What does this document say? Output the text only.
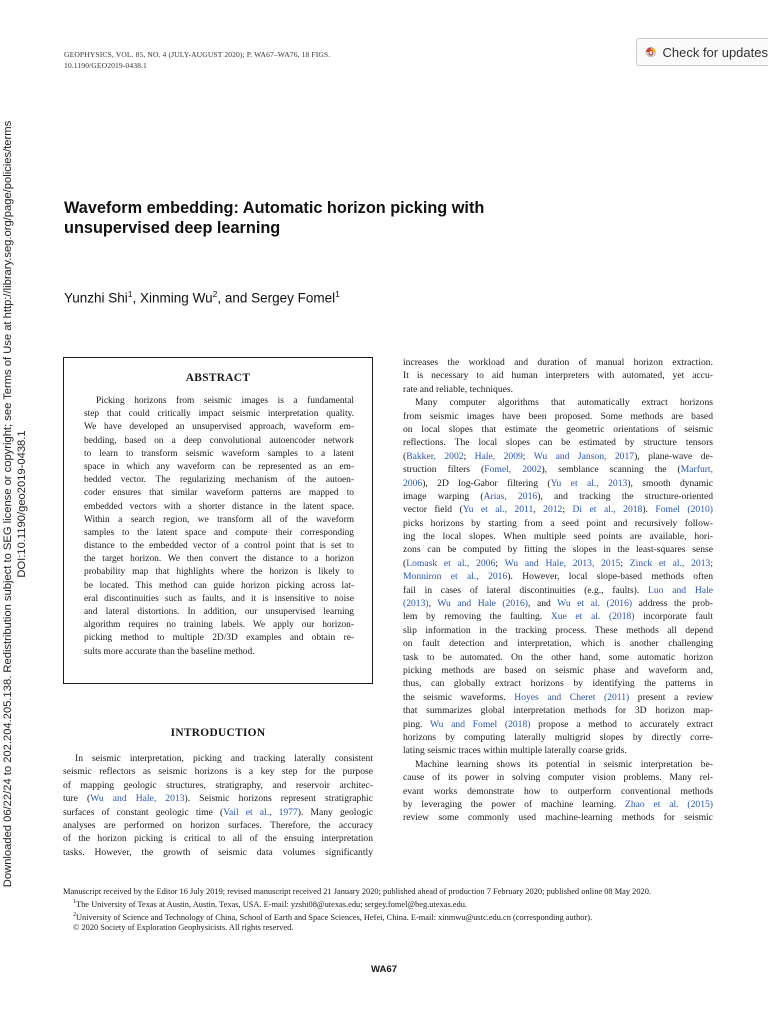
Downloaded 06/22/24 to 202.204.205.138. Redistribution subject to SEG license or copyright; see Terms of Use at http://library.seg.org/page/policies/terms DOI:10.1190/geo2019-0438.1
GEOPHYSICS, VOL. 85, NO. 4 (JULY-AUGUST 2020); P. WA67–WA76, 18 FIGS.
10.1190/GEO2019-0438.1
Check for updates
Waveform embedding: Automatic horizon picking with
unsupervised deep learning
Yunzhi Shi$^1$, Xinming Wu$^2$, and Sergey Fomel$^1$
ABSTRACT
Picking horizons from seismic images is a fundamental
step that could critically impact seismic interpretation quality.
We have developed an unsupervised approach, waveform em-
bedding, based on a deep convolutional autoencoder network
to learn to transform seismic waveform samples to a latent
space in which any waveform can be represented as an em-
bedded vector. The regularizing mechanism of the autoen-
coder ensures that similar waveform patterns are mapped to
embedded vectors with a shorter distance in the latent space.
Within a search region, we transform all of the waveform
samples to the latent space and compute their corresponding
distance to the embedded vector of a control point that is set to
the target horizon. We then convert the distance to a horizon
probability map that highlights where the horizon is likely to
be located. This method can guide horizon picking across lat-
eral discontinuities such as faults, and it is insensitive to noise
and lateral distortions. In addition, our unsupervised learning
algorithm requires no training labels. We apply our horizon-
picking method to multiple 2D/3D examples and obtain re-
sults more accurate than the baseline method.
INTRODUCTION
In seismic interpretation, picking and tracking laterally consistent
seismic reflectors as seismic horizons is a key step for the purpose
of mapping geologic structures, stratigraphy, and reservoir architec-
ture (Wu and Hale, 2013). Seismic horizons represent stratigraphic
surfaces of constant geologic time (Vail et al., 1977). Many geologic
analyses are performed on horizon surfaces. Therefore, the accuracy
of the horizon picking is critical to all of the ensuing interpretation
tasks. However, the growth of seismic data volumes significantly
increases the workload and duration of manual horizon extraction.
It is necessary to aid human interpreters with automated, yet accu-
rate and reliable, techniques.
Many computer algorithms that automatically extract horizons
from seismic images have been proposed. Some methods are based
on local slopes that estimate the geometric orientations of seismic
reflections. The local slopes can be estimated by structure tensors
(Bakker, 2002; Hale, 2009; Wu and Janson, 2017), plane-wave de-
struction filters (Fomel, 2002), semblance scanning the (Marfurt,
2006), 2D log-Gabor filtering (Yu et al., 2013), smooth dynamic
image warping (Arias, 2016), and tracking the structure-oriented
vector field (Yu et al., 2011, 2012; Di et al., 2018). Fomel (2010)
picks horizons by starting from a seed point and recursively follow-
ing the local slopes. When multiple seed points are available, hori-
zons can be computed by fitting the slopes in the least-squares sense
(Lomask et al., 2006; Wu and Hale, 2013, 2015; Zinck et al., 2013;
Monniron et al., 2016). However, local slope-based methods often
fail in cases of lateral discontinuities (e.g., faults). Luo and Hale
(2013), Wu and Hale (2016), and Wu et al. (2016) address the prob-
lem by removing the faulting. Xue et al. (2018) incorporate fault
slip information in the tracking process. These methods all depend
on fault detection and interpretation, which is another challenging
task to be automated. On the other hand, some automatic horizon
picking methods are based on seismic phase and waveform and,
thus, can globally extract horizons by identifying the patterns in
the seismic waveforms. Hoyes and Cheret (2011) present a review
that summarizes global interpretation methods for 3D horizon map-
ping. Wu and Fomel (2018) propose a method to accurately extract
horizons by computing laterally multigrid slopes by directly corre-
lating seismic traces within multiple laterally coarse grids.
Machine learning shows its potential in seismic interpretation be-
cause of its power in solving computer vision problems. Many rel-
evant works demonstrate how to outperform conventional methods
by leveraging the power of machine learning. Zhao et al. (2015)
review some commonly used machine-learning methods for seismic
Manuscript received by the Editor 16 July 2019; revised manuscript received 21 January 2020; published ahead of production 7 February 2020; published online 08 May 2020.
$^1$The University of Texas at Austin, Austin, Texas, USA. E-mail: yzshi08@utexas.edu; sergey.fomel@beg.utexas.edu.
$^2$University of Science and Technology of China, School of Earth and Space Sciences, Hefei, China. E-mail: xinmwu@ustc.edu.cn (corresponding author).
© 2020 Society of Exploration Geophysicists. All rights reserved.
WA67
